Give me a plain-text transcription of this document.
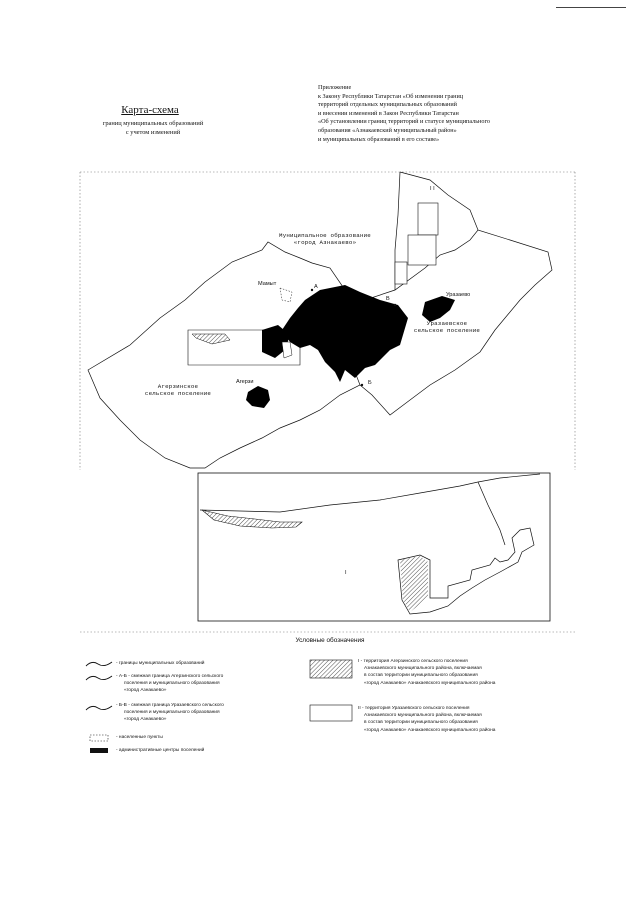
Приложение
к Закону Республики Татарстан «Об изменении границ
территорий отдельных муниципальных образований
и внесении изменений в Закон Республики Татарстан
«Об установлении границ территорий и статусе муниципального
образования «Азнакаевский муниципальный район»
и муниципальных образований в его составе»
Карта-схема
границ муниципальных образований
с учетом изменений
Муниципальное образование
«город Азнакаево»
Уразаевское
сельское поселение
Агерзинское
сельское поселение
Мамыт
Уразаево
Агерзи
А
Б
В
I I
I
Условные обозначения
- границы муниципальных образований
- А-Б - смежная граница Агерзинского сельского
поселения и муниципального образования
«город Азнакаево»
- Б-В - смежная граница Уразаевского сельского
поселения и муниципального образования
«город Азнакаево»
- населенные пункты
- административные центры поселений
I - территория Агерзинского сельского поселения
Азнакаевского муниципального района, включаемая
в состав территории муниципального образования
«город Азнакаево» Азнакаевского муниципального района
II - территория Уразаевского сельского поселения
Азнакаевского муниципального района, включаемая
в состав территории муниципального образования
«город Азнакаево» Азнакаевского муниципального района
